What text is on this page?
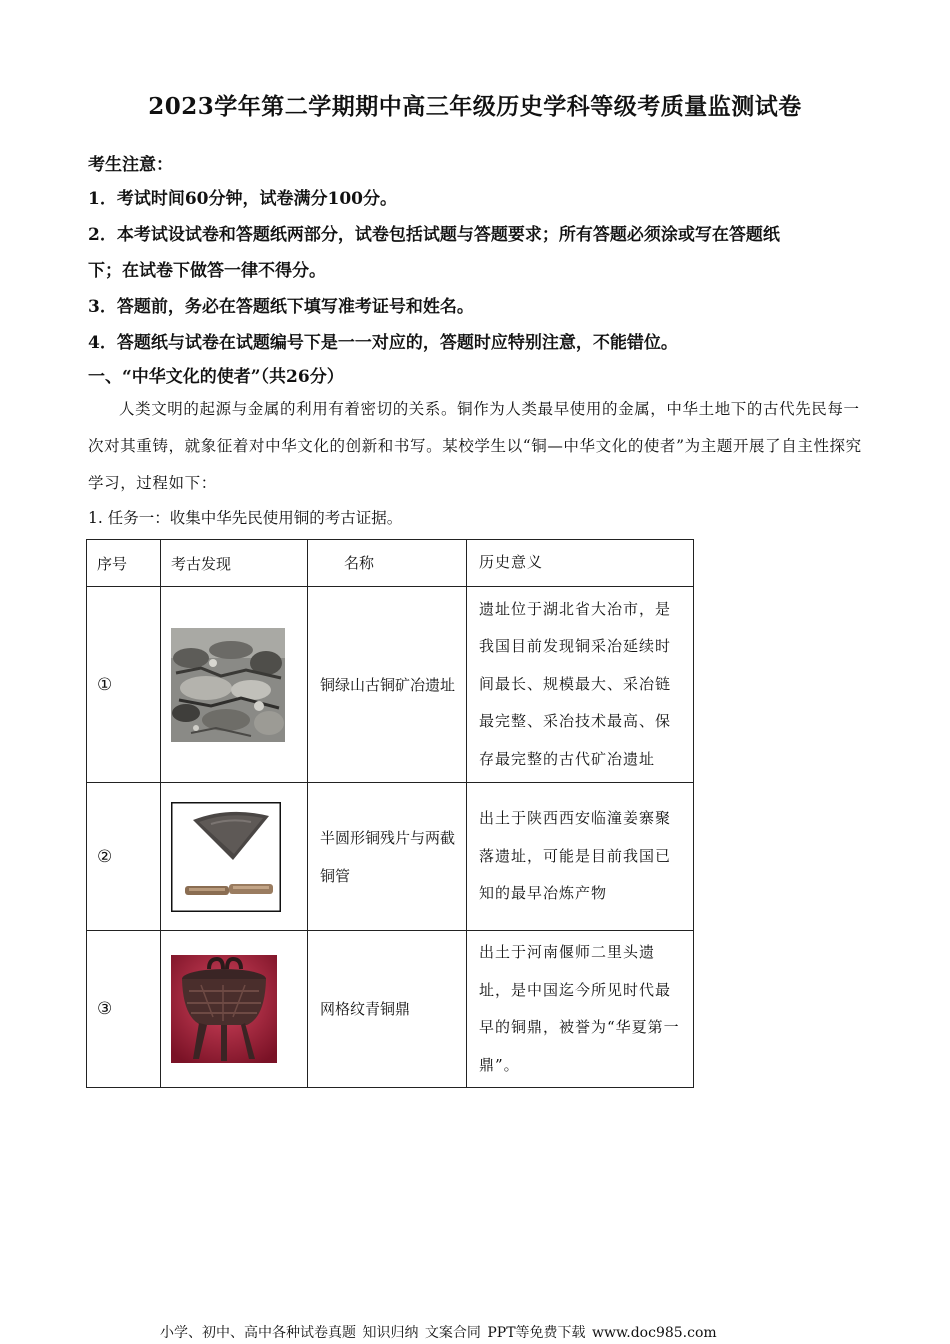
2023学年第二学期期中高三年级历史学科等级考质量监测试卷
考生注意：
1．考试时间60分钟，试卷满分100分。
2．本考试设试卷和答题纸两部分，试卷包括试题与答题要求；所有答题必须涂或写在答题纸
下；在试卷下做答一律不得分。
3．答题前，务必在答题纸下填写准考证号和姓名。
4．答题纸与试卷在试题编号下是一一对应的，答题时应特别注意，不能错位。
一、“中华文化的使者”（共26分）
人类文明的起源与金属的利用有着密切的关系。铜作为人类最早使用的金属，中华土地下的古代先民每一次对其重铸，就象征着对中华文化的创新和书写。某校学生以“铜—中华文化的使者”为主题开展了自主性探究学习，过程如下：
1. 任务一：收集中华先民使用铜的考古证据。
序号	考古发现	名称	历史意义
①		铜绿山古铜矿冶遗址	遗址位于湖北省大冶市，是我国目前发现铜采冶延续时间最长、规模最大、采冶链最完整、采冶技术最高、保存最完整的古代矿冶遗址
②		半圆形铜残片与两截铜管	出土于陕西西安临潼姜寨聚落遗址，可能是目前我国已知的最早冶炼产物
③		网格纹青铜鼎	出土于河南偃师二里头遗址，是中国迄今所见时代最早的铜鼎，被誉为“华夏第一鼎”。
小学、初中、高中各种试卷真题 知识归纳 文案合同 PPT等免费下载 www.doc985.com
